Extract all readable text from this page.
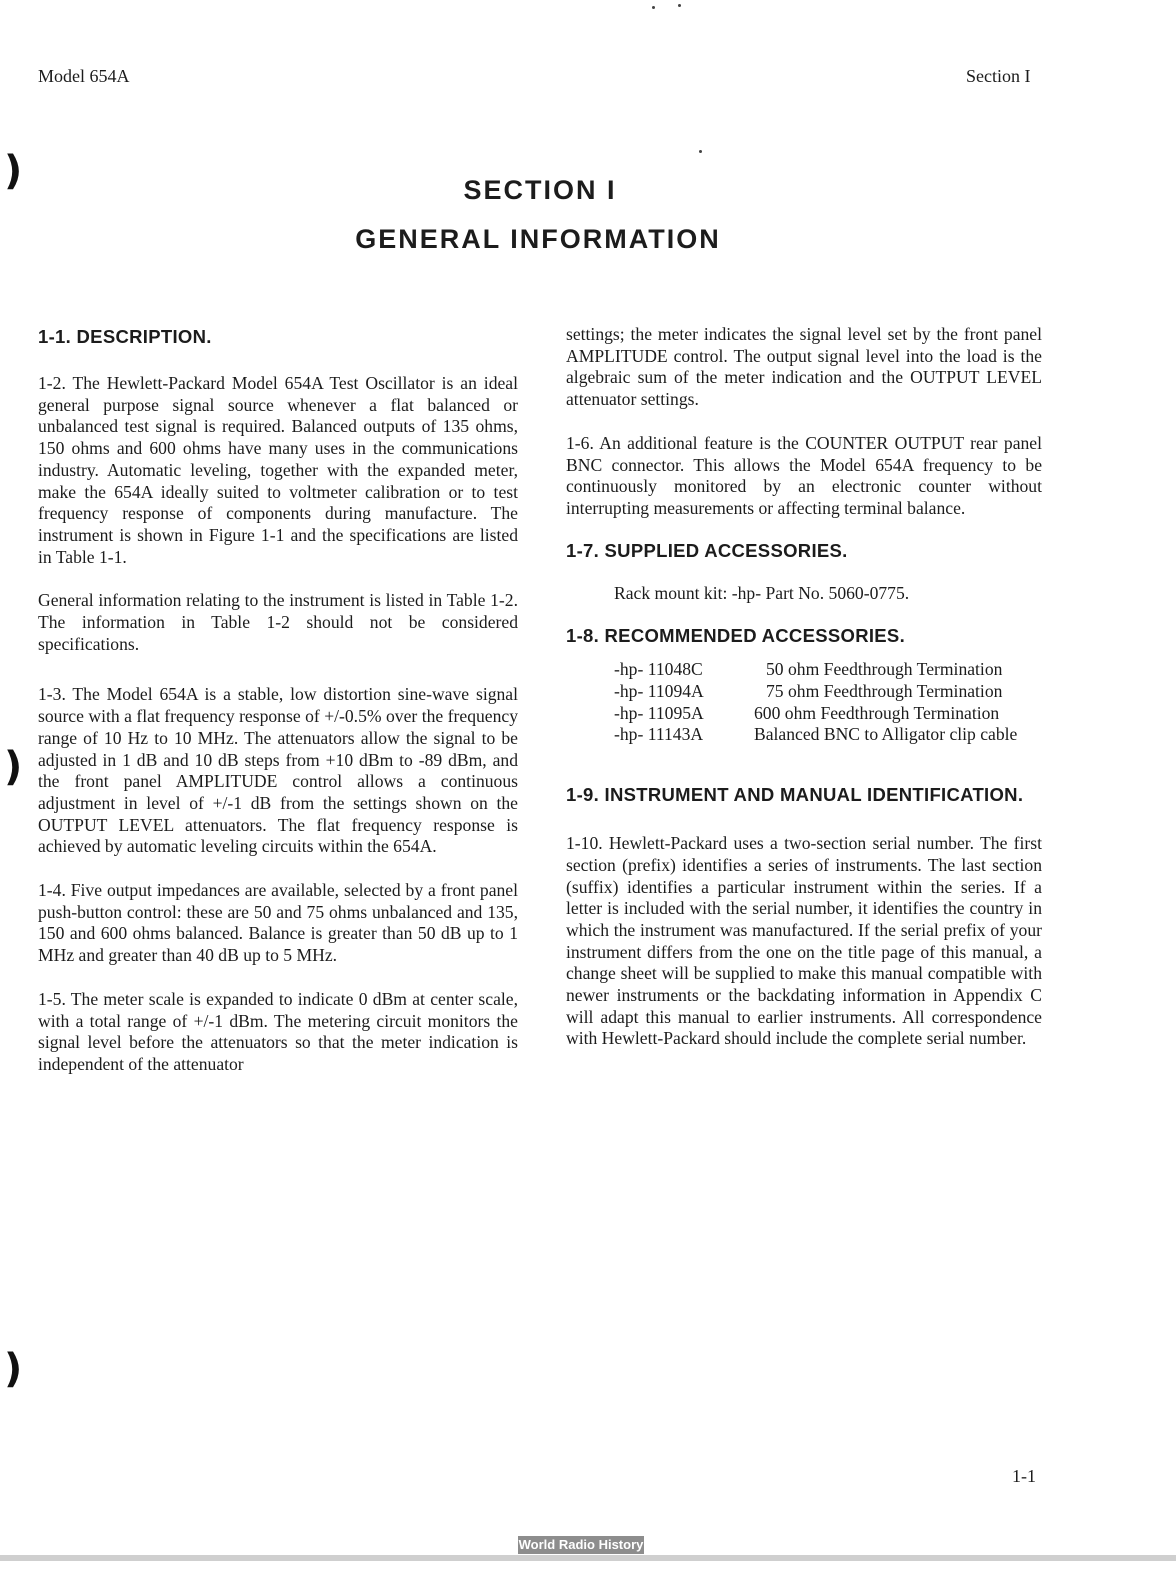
Model 654A	Section I
)
)
)
SECTION I
GENERAL INFORMATION

1-1. DESCRIPTION.

1-2. The Hewlett-Packard Model 654A Test Oscillator is an ideal general purpose signal source whenever a flat balanced or unbalanced test signal is required. Balanced outputs of 135 ohms, 150 ohms and 600 ohms have many uses in the communications industry. Automatic leveling, together with the expanded meter, make the 654A ideally suited to voltmeter calibration or to test frequency response of components during manufacture. The instrument is shown in Figure 1-1 and the specifications are listed in Table 1-1.

General information relating to the instrument is listed in Table 1-2. The information in Table 1-2 should not be considered specifications.

1-3. The Model 654A is a stable, low distortion sine-wave signal source with a flat frequency response of +/-0.5% over the frequency range of 10 Hz to 10 MHz. The attenuators allow the signal to be adjusted in 1 dB and 10 dB steps from +10 dBm to -89 dBm, and the front panel AMPLITUDE control allows a continuous adjustment in level of +/-1 dB from the settings shown on the OUTPUT LEVEL attenuators. The flat frequency response is achieved by automatic leveling circuits within the 654A.

1-4. Five output impedances are available, selected by a front panel push-button control: these are 50 and 75 ohms unbalanced and 135, 150 and 600 ohms balanced. Balance is greater than 50 dB up to 1 MHz and greater than 40 dB up to 5 MHz.

1-5. The meter scale is expanded to indicate 0 dBm at center scale, with a total range of +/-1 dBm. The metering circuit monitors the signal level before the attenuators so that the meter indication is independent of the attenuator

settings; the meter indicates the signal level set by the front panel AMPLITUDE control. The output signal level into the load is the algebraic sum of the meter indication and the OUTPUT LEVEL attenuator settings.

1-6. An additional feature is the COUNTER OUTPUT rear panel BNC connector. This allows the Model 654A frequency to be continuously monitored by an electronic counter without interrupting measurements or affecting terminal balance.

1-7. SUPPLIED ACCESSORIES.

Rack mount kit: -hp- Part No. 5060-0775.

1-8. RECOMMENDED ACCESSORIES.

-hp- 11048C	50 ohm Feedthrough Termination
-hp- 11094A	75 ohm Feedthrough Termination
-hp- 11095A	600 ohm Feedthrough Termination
-hp- 11143A	Balanced BNC to Alligator clip cable

1-9. INSTRUMENT AND MANUAL IDENTIFICATION.

1-10. Hewlett-Packard uses a two-section serial number. The first section (prefix) identifies a series of instruments. The last section (suffix) identifies a particular instrument within the series. If a letter is included with the serial number, it identifies the country in which the instrument was manufactured. If the serial prefix of your instrument differs from the one on the title page of this manual, a change sheet will be supplied to make this manual compatible with newer instruments or the backdating information in Appendix C will adapt this manual to earlier instruments. All correspondence with Hewlett-Packard should include the complete serial number.

1-1
World Radio History
